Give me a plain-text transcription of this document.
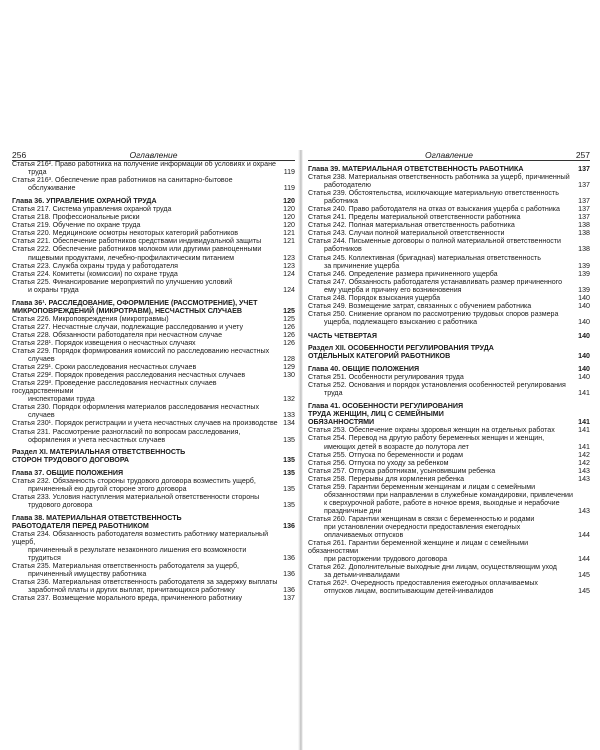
256	Оглавление	Оглавление	257
Статья 216². Право работника на получение информации об условиях и охране
труда	119
Статья 216³. Обеспечение прав работников на санитарно-бытовое
обслуживание	119
Глава 36. УПРАВЛЕНИЕ ОХРАНОЙ ТРУДА	120
Статья 217. Система управления охраной труда	120
Статья 218. Профессиональные риски	120
Статья 219. Обучение по охране труда	120
Статья 220. Медицинские осмотры некоторых категорий работников	121
Статья 221. Обеспечение работников средствами индивидуальной защиты	121
Статья 222. Обеспечение работников молоком или другими равноценными
пищевыми продуктами, лечебно-профилактическим питанием	123
Статья 223. Служба охраны труда у работодателя	123
Статья 224. Комитеты (комиссии) по охране труда	124
Статья 225. Финансирование мероприятий по улучшению условий
и охраны труда	124
Глава 36¹. РАССЛЕДОВАНИЕ, ОФОРМЛЕНИЕ (РАССМОТРЕНИЕ), УЧЕТ
МИКРОПОВРЕЖДЕНИЙ (МИКРОТРАВМ), НЕСЧАСТНЫХ СЛУЧАЕВ	125
Статья 226. Микроповреждения (микротравмы)	125
Статья 227. Несчастные случаи, подлежащие расследованию и учету	126
Статья 228. Обязанности работодателя при несчастном случае	126
Статья 228¹. Порядок извещения о несчастных случаях	126
Статья 229. Порядок формирования комиссий по расследованию несчастных
случаев	128
Статья 229¹. Сроки расследования несчастных случаев	129
Статья 229². Порядок проведения расследования несчастных случаев	130
Статья 229³. Проведение расследования несчастных случаев государственными
инспекторами труда	132
Статья 230. Порядок оформления материалов расследования несчастных
случаев	133
Статья 230¹. Порядок регистрации и учета несчастных случаев на производстве 134
Статья 231. Рассмотрение разногласий по вопросам расследования,
оформления и учета несчастных случаев	135
Раздел XI. МАТЕРИАЛЬНАЯ ОТВЕТСТВЕННОСТЬ
СТОРОН ТРУДОВОГО ДОГОВОРА	135
Глава 37. ОБЩИЕ ПОЛОЖЕНИЯ	135
Статья 232. Обязанность стороны трудового договора возместить ущерб,
причиненный ею другой стороне этого договора	135
Статья 233. Условия наступления материальной ответственности стороны
трудового договора	135
Глава 38. МАТЕРИАЛЬНАЯ ОТВЕТСТВЕННОСТЬ
РАБОТОДАТЕЛЯ ПЕРЕД РАБОТНИКОМ	136
Статья 234. Обязанность работодателя возместить работнику материальный ущерб,
причиненный в результате незаконного лишения его возможности трудиться	136
Статья 235. Материальная ответственность работодателя за ущерб,
причиненный имуществу работника	136
Статья 236. Материальная ответственность работодателя за задержку выплаты
заработной платы и других выплат, причитающихся работнику	136
Статья 237. Возмещение морального вреда, причиненного работнику	137
Глава 39. МАТЕРИАЛЬНАЯ ОТВЕТСТВЕННОСТЬ РАБОТНИКА	137
Статья 238. Материальная ответственность работника за ущерб, причиненный
работодателю	137
Статья 239. Обстоятельства, исключающие материальную ответственность
работника	137
Статья 240. Право работодателя на отказ от взыскания ущерба с работника	137
Статья 241. Пределы материальной ответственности работника	137
Статья 242. Полная материальная ответственность работника	138
Статья 243. Случаи полной материальной ответственности	138
Статья 244. Письменные договоры о полной материальной ответственности
работников	138
Статья 245. Коллективная (бригадная) материальная ответственность
за причинение ущерба	139
Статья 246. Определение размера причиненного ущерба	139
Статья 247. Обязанность работодателя устанавливать размер причиненного
ему ущерба и причину его возникновения	139
Статья 248. Порядок взыскания ущерба	140
Статья 249. Возмещение затрат, связанных с обучением работника	140
Статья 250. Снижение органом по рассмотрению трудовых споров размера
ущерба, подлежащего взысканию с работника	140
ЧАСТЬ ЧЕТВЕРТАЯ	140
Раздел XII. ОСОБЕННОСТИ РЕГУЛИРОВАНИЯ ТРУДА
ОТДЕЛЬНЫХ КАТЕГОРИЙ РАБОТНИКОВ	140
Глава 40. ОБЩИЕ ПОЛОЖЕНИЯ	140
Статья 251. Особенности регулирования труда	140
Статья 252. Основания и порядок установления особенностей регулирования
труда	141
Глава 41. ОСОБЕННОСТИ РЕГУЛИРОВАНИЯ
ТРУДА ЖЕНЩИН, ЛИЦ С СЕМЕЙНЫМИ
ОБЯЗАННОСТЯМИ	141
Статья 253. Обеспечение охраны здоровья женщин на отдельных работах	141
Статья 254. Перевод на другую работу беременных женщин и женщин,
имеющих детей в возрасте до полутора лет	141
Статья 255. Отпуска по беременности и родам	142
Статья 256. Отпуска по уходу за ребенком	142
Статья 257. Отпуска работникам, усыновившим ребенка	143
Статья 258. Перерывы для кормления ребенка	143
Статья 259. Гарантии беременным женщинам и лицам с семейными
обязанностями при направлении в служебные командировки, привлечении
к сверхурочной работе, работе в ночное время, выходные и нерабочие
праздничные дни	143
Статья 260. Гарантии женщинам в связи с беременностью и родами
при установлении очередности предоставления ежегодных
оплачиваемых отпусков	144
Статья 261. Гарантии беременной женщине и лицам с семейными обязанностями
при расторжении трудового договора	144
Статья 262. Дополнительные выходные дни лицам, осуществляющим уход
за детьми-инвалидами	145
Статья 262¹. Очередность предоставления ежегодных оплачиваемых
отпусков лицам, воспитывающим детей-инвалидов	145
